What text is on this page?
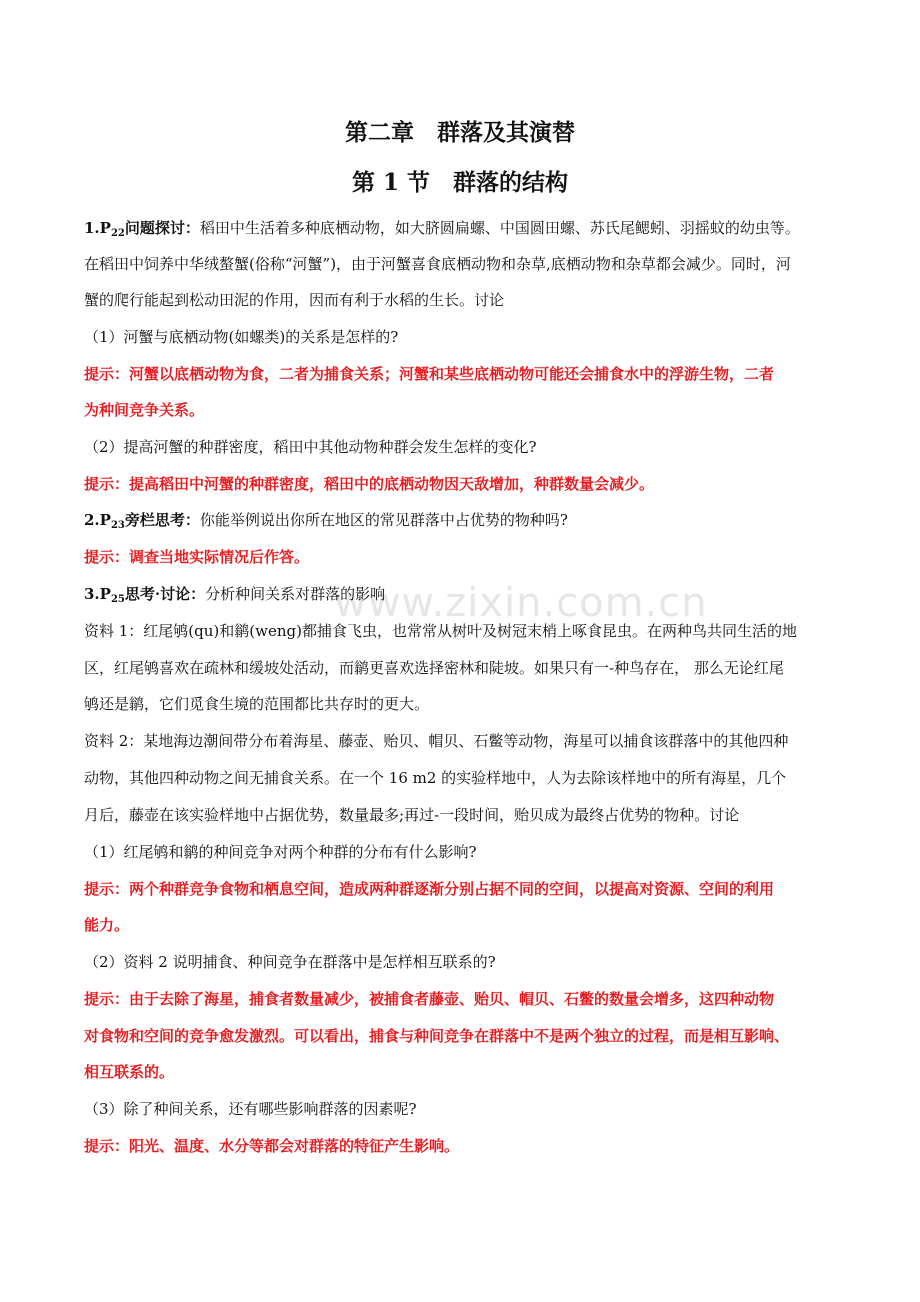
www.zixin.com.cn
第二章　群落及其演替
第 1 节　群落的结构

$1.P_{22}$问题探讨：稻田中生活着多种底栖动物，如大脐圆扁螺、中国圆田螺、苏氏尾鳃蚓、羽摇蚊的幼虫等。

在稻田中饲养中华绒螯蟹(俗称“河蟹”)，由于河蟹喜食底栖动物和杂草,底栖动物和杂草都会减少。同时，河

蟹的爬行能起到松动田泥的作用，因而有利于水稻的生长。讨论

（1）河蟹与底栖动物(如螺类)的关系是怎样的?

提示：河蟹以底栖动物为食，二者为捕食关系；河蟹和某些底栖动物可能还会捕食水中的浮游生物，二者

为种间竞争关系。

（2）提高河蟹的种群密度，稻田中其他动物种群会发生怎样的变化?

提示：提高稻田中河蟹的种群密度，稻田中的底栖动物因天敌增加，种群数量会减少。

$2.P_{23}$旁栏思考：你能举例说出你所在地区的常见群落中占优势的物种吗?

提示：调查当地实际情况后作答。

$3.P_{25}$思考·讨论：分析种间关系对群落的影响

资料 1：红尾鸲(qu)和鹟(weng)都捕食飞虫，也常常从树叶及树冠末梢上啄食昆虫。在两种鸟共同生活的地

区，红尾鸲喜欢在疏林和缓坡处活动，而鹟更喜欢选择密林和陡坡。如果只有一-种鸟存在， 那么无论红尾

鸲还是鹟，它们觅食生境的范围都比共存时的更大。

资料 2：某地海边潮间带分布着海星、藤壶、贻贝、帽贝、石鳖等动物，海星可以捕食该群落中的其他四种

动物，其他四种动物之间无捕食关系。在一个 16 m2 的实验样地中，人为去除该样地中的所有海星，几个

月后，藤壶在该实验样地中占据优势，数量最多;再过-一段时间，贻贝成为最终占优势的物种。讨论

（1）红尾鸲和鹟的种间竞争对两个种群的分布有什么影响?

提示：两个种群竞争食物和栖息空间，造成两种群逐渐分别占据不同的空间，以提高对资源、空间的利用

能力。

（2）资料 2 说明捕食、种间竞争在群落中是怎样相互联系的?

提示：由于去除了海星，捕食者数量减少，被捕食者藤壶、贻贝、帽贝、石鳖的数量会增多，这四种动物

对食物和空间的竞争愈发激烈。可以看出，捕食与种间竞争在群落中不是两个独立的过程，而是相互影响、

相互联系的。

（3）除了种间关系，还有哪些影响群落的因素呢?

提示：阳光、温度、水分等都会对群落的特征产生影响。
